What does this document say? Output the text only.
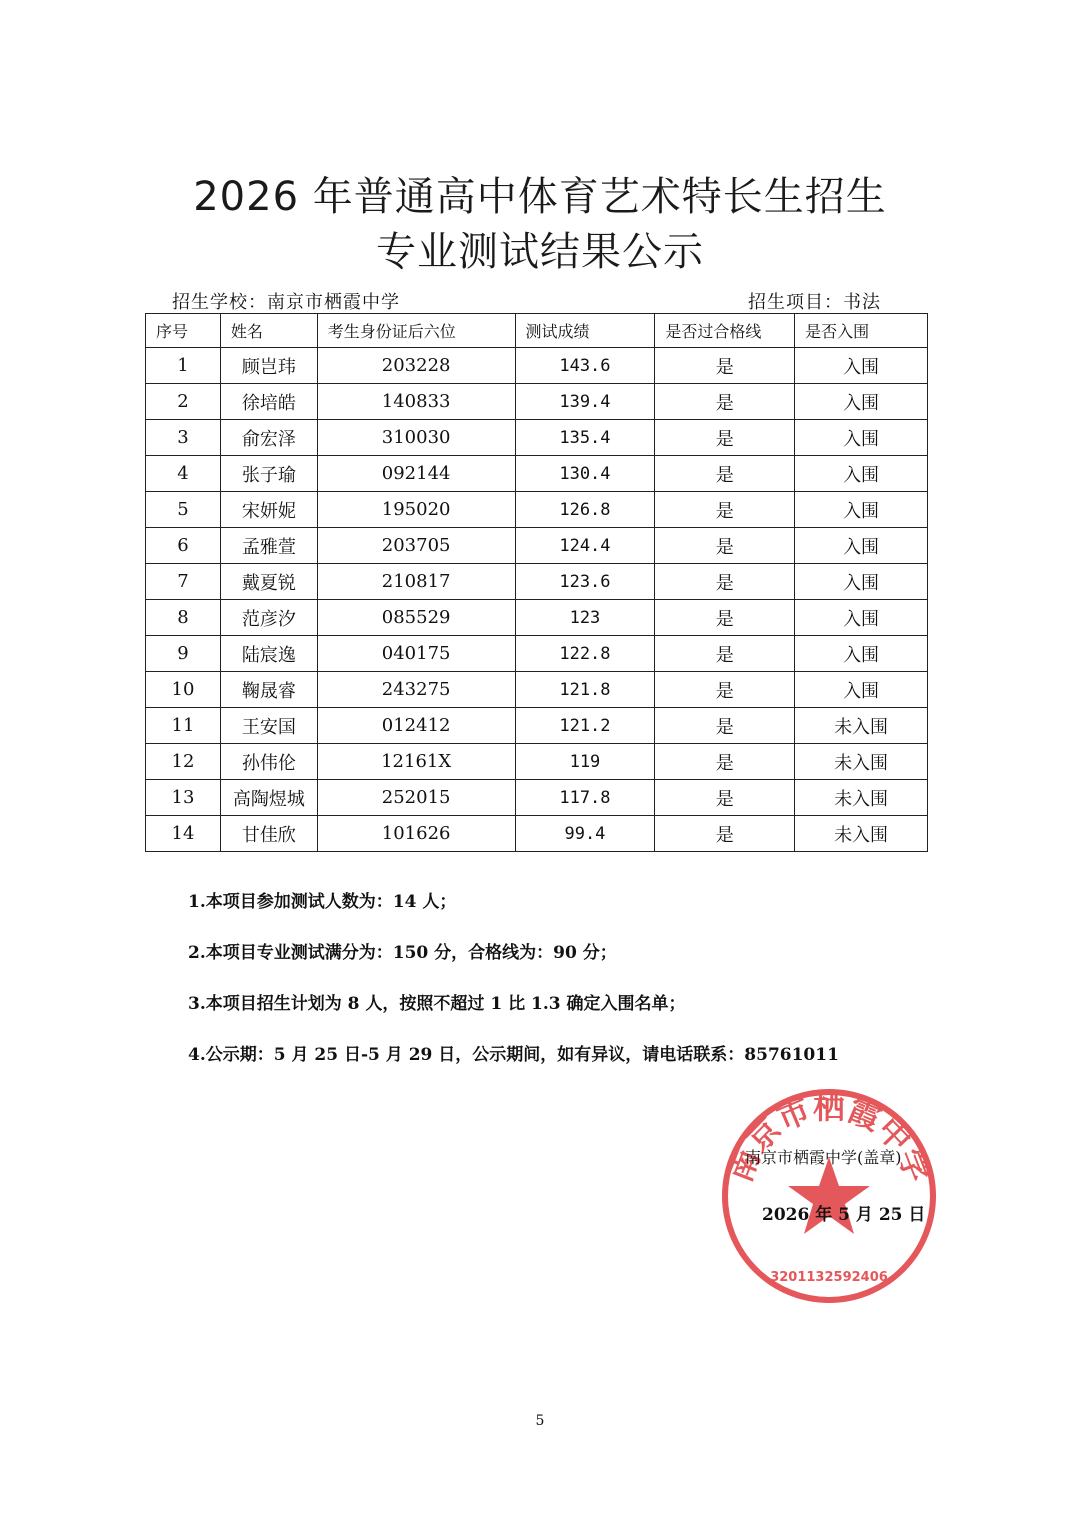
2026 年普通高中体育艺术特长生招生
专业测试结果公示
招生学校：南京市栖霞中学	招生项目：书法
序号	姓名	考生身份证后六位	测试成绩	是否过合格线	是否入围
1	顾岂玮	203228	143.6	是	入围
2	徐培皓	140833	139.4	是	入围
3	俞宏泽	310030	135.4	是	入围
4	张子瑜	092144	130.4	是	入围
5	宋妍妮	195020	126.8	是	入围
6	孟雅萱	203705	124.4	是	入围
7	戴夏锐	210817	123.6	是	入围
8	范彦汐	085529	123	是	入围
9	陆宸逸	040175	122.8	是	入围
10	鞠晟睿	243275	121.8	是	入围
11	王安国	012412	121.2	是	未入围
12	孙伟伦	12161X	119	是	未入围
13	高陶煜城	252015	117.8	是	未入围
14	甘佳欣	101626	99.4	是	未入围
1.本项目参加测试人数为：14 人；
2.本项目专业测试满分为：150 分，合格线为：90 分；
3.本项目招生计划为 8 人，按照不超过 1 比 1.3 确定入围名单；
4.公示期：5 月 25 日-5 月 29 日，公示期间，如有异议，请电话联系：85761011
南京市栖霞中学
3201132592406
南京市栖霞中学(盖章)
2026 年 5 月 25 日
5
